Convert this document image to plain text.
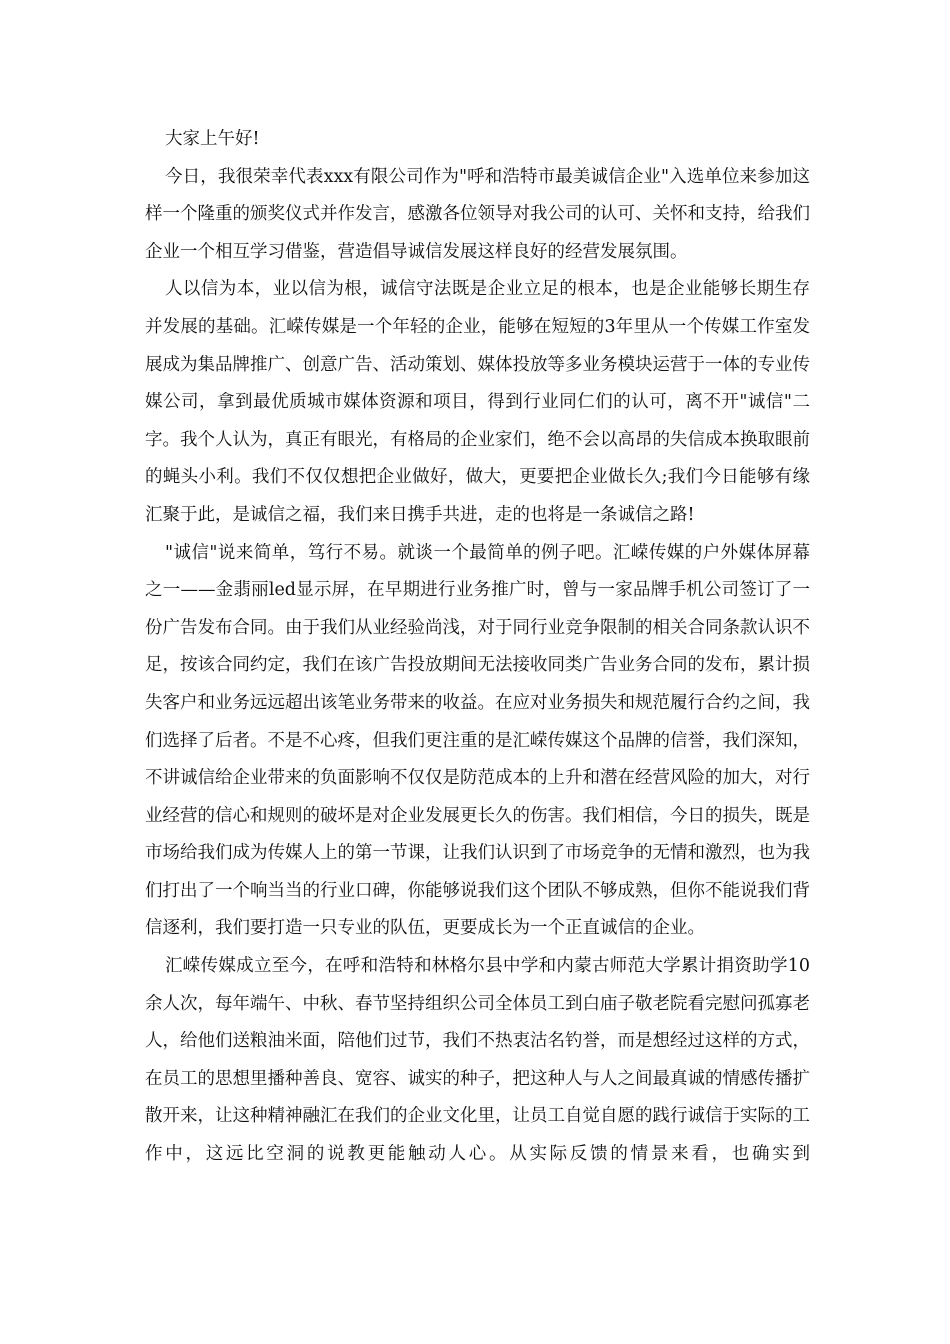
大家上午好!

今日，我很荣幸代表xxx有限公司作为"呼和浩特市最美诚信企业"入选单位来参加这样一个隆重的颁奖仪式并作发言，感激各位领导对我公司的认可、关怀和支持，给我们企业一个相互学习借鉴，营造倡导诚信发展这样良好的经营发展氛围。

人以信为本，业以信为根，诚信守法既是企业立足的根本，也是企业能够长期生存并发展的基础。汇嵘传媒是一个年轻的企业，能够在短短的3年里从一个传媒工作室发展成为集品牌推广、创意广告、活动策划、媒体投放等多业务模块运营于一体的专业传媒公司，拿到最优质城市媒体资源和项目，得到行业同仁们的认可，离不开"诚信"二字。我个人认为，真正有眼光，有格局的企业家们，绝不会以高昂的失信成本换取眼前的蝇头小利。我们不仅仅想把企业做好，做大，更要把企业做长久;我们今日能够有缘汇聚于此，是诚信之福，我们来日携手共进，走的也将是一条诚信之路!

"诚信"说来简单，笃行不易。就谈一个最简单的例子吧。汇嵘传媒的户外媒体屏幕之一——金翡丽led显示屏，在早期进行业务推广时，曾与一家品牌手机公司签订了一份广告发布合同。由于我们从业经验尚浅，对于同行业竞争限制的相关合同条款认识不足，按该合同约定，我们在该广告投放期间无法接收同类广告业务合同的发布，累计损失客户和业务远远超出该笔业务带来的收益。在应对业务损失和规范履行合约之间，我们选择了后者。不是不心疼，但我们更注重的是汇嵘传媒这个品牌的信誉，我们深知，不讲诚信给企业带来的负面影响不仅仅是防范成本的上升和潜在经营风险的加大，对行业经营的信心和规则的破坏是对企业发展更长久的伤害。我们相信，今日的损失，既是市场给我们成为传媒人上的第一节课，让我们认识到了市场竞争的无情和激烈，也为我们打出了一个响当当的行业口碑，你能够说我们这个团队不够成熟，但你不能说我们背信逐利，我们要打造一只专业的队伍，更要成长为一个正直诚信的企业。

汇嵘传媒成立至今，在呼和浩特和林格尔县中学和内蒙古师范大学累计捐资助学10余人次，每年端午、中秋、春节坚持组织公司全体员工到白庙子敬老院看完慰问孤寡老人，给他们送粮油米面，陪他们过节，我们不热衷沽名钓誉，而是想经过这样的方式，在员工的思想里播种善良、宽容、诚实的种子，把这种人与人之间最真诚的情感传播扩散开来，让这种精神融汇在我们的企业文化里，让员工自觉自愿的践行诚信于实际的工作中，这远比空洞的说教更能触动人心。从实际反馈的情景来看，也确实到
